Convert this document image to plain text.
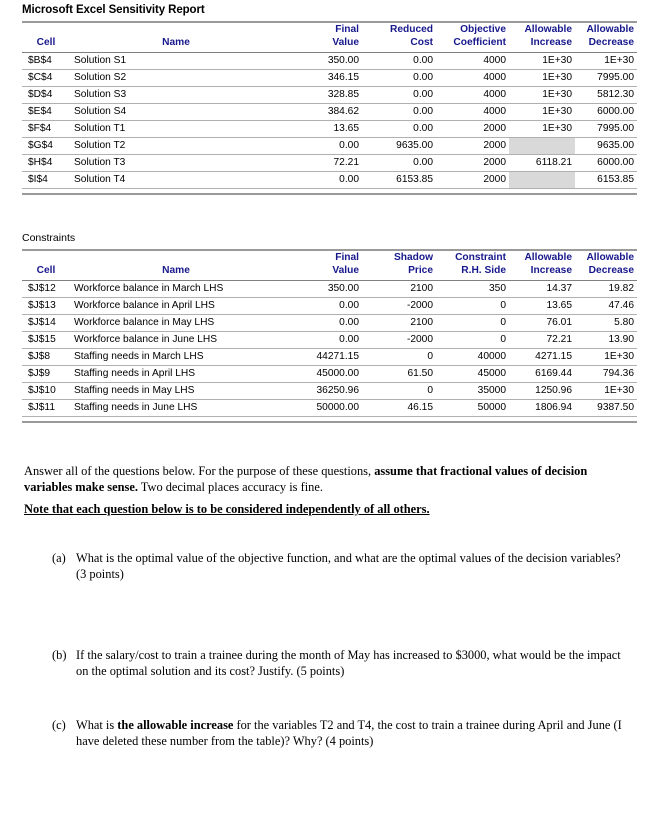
Microsoft Excel Sensitivity Report

		Final	Reduced	Objective	Allowable	Allowable
Cell	Name	Value	Cost	Coefficient	Increase	Decrease

$B$4	Solution S1	350.00	0.00	4000	1E+30	1E+30
$C$4	Solution S2	346.15	0.00	4000	1E+30	7995.00
$D$4	Solution S3	328.85	0.00	4000	1E+30	5812.30
$E$4	Solution S4	384.62	0.00	4000	1E+30	6000.00
$F$4	Solution T1	13.65	0.00	2000	1E+30	7995.00
$G$4	Solution T2	0.00	9635.00	2000		9635.00
$H$4	Solution T3	72.21	0.00	2000	6118.21	6000.00
$I$4	Solution T4	0.00	6153.85	2000		6153.85

Constraints

		Final	Shadow	Constraint	Allowable	Allowable
Cell	Name	Value	Price	R.H. Side	Increase	Decrease

$J$12	Workforce balance in March LHS	350.00	2100	350	14.37	19.82
$J$13	Workforce balance in April LHS	0.00	-2000	0	13.65	47.46
$J$14	Workforce balance in May LHS	0.00	2100	0	76.01	5.80
$J$15	Workforce balance in June LHS	0.00	-2000	0	72.21	13.90
$J$8	Staffing needs in March LHS	44271.15	0	40000	4271.15	1E+30
$J$9	Staffing needs in April LHS	45000.00	61.50	45000	6169.44	794.36
$J$10	Staffing needs in May LHS	36250.96	0	35000	1250.96	1E+30
$J$11	Staffing needs in June LHS	50000.00	46.15	50000	1806.94	9387.50

Answer all of the questions below. For the purpose of these questions, assume that fractional values of decision variables make sense. Two decimal places accuracy is fine.
Note that each question below is to be considered independently of all others.
(a) What is the optimal value of the objective function, and what are the optimal values of the decision variables? (3 points)
(b) If the salary/cost to train a trainee during the month of May has increased to $3000, what would be the impact on the optimal solution and its cost? Justify. (5 points)
(c) What is the allowable increase for the variables T2 and T4, the cost to train a trainee during April and June (I have deleted these number from the table)? Why? (4 points)
